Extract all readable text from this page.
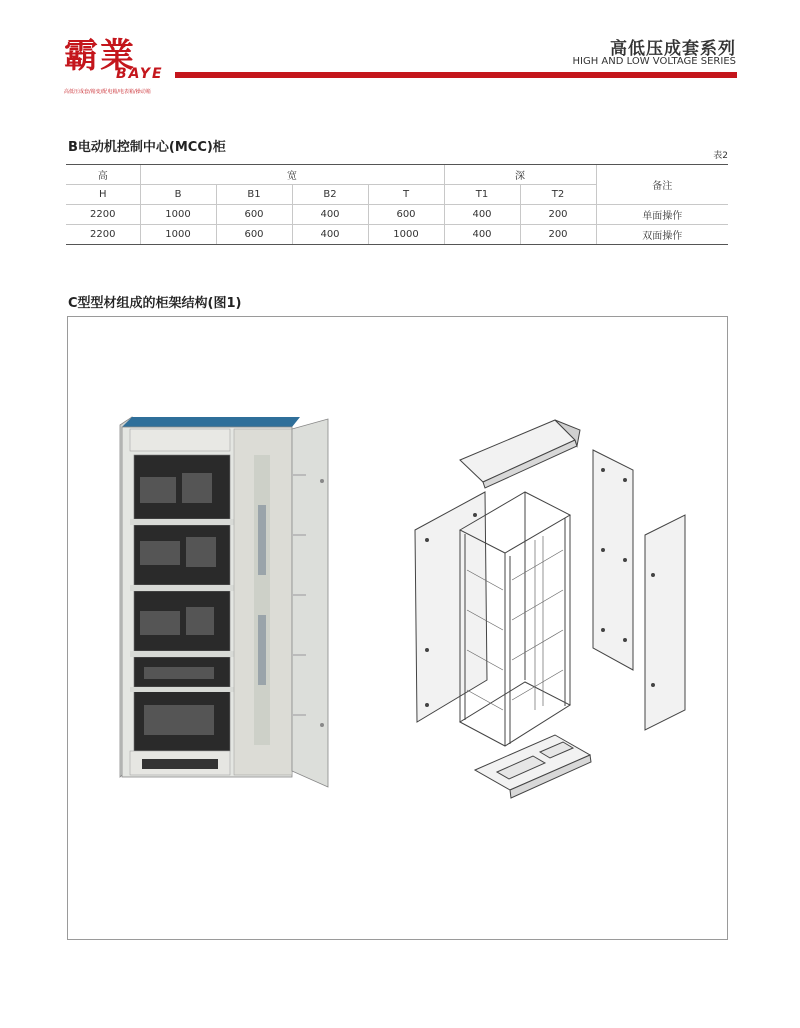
霸業
BAYE
高低压成套/箱变/配电箱/电表箱/操动箱
高低压成套系列
HIGH AND LOW VOLTAGE SERIES
B电动机控制中心(MCC)柜
表2
高	宽				深		备注
H	B	B1	B2	T	T1	T2	
2200	1000	600	400	600	400	200	单面操作
2200	1000	600	400	1000	400	200	双面操作
C型型材组成的柜架结构(图1)
